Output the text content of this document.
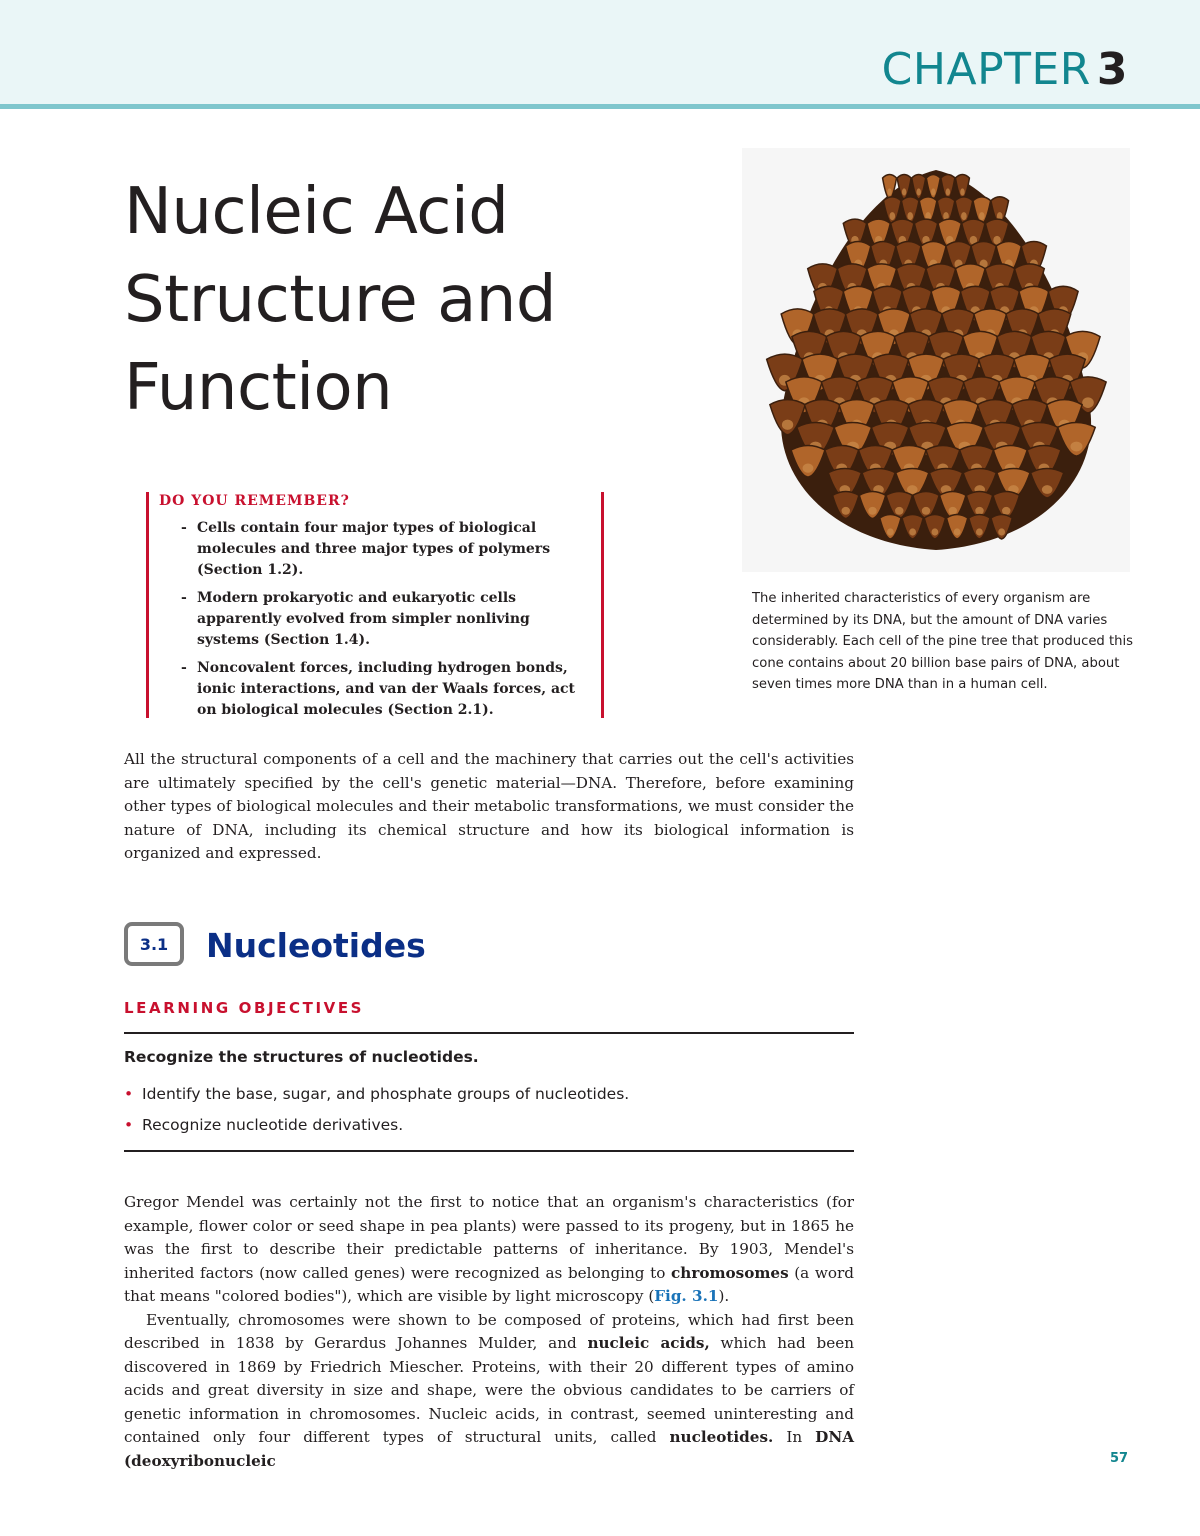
CHAPTER 3
Nucleic Acid
Structure and
Function
DO YOU REMEMBER?
- Cells contain four major types of biological molecules and three major types of polymers (Section 1.2).
- Modern prokaryotic and eukaryotic cells apparently evolved from simpler nonliving systems (Section 1.4).
- Noncovalent forces, including hydrogen bonds, ionic interactions, and van der Waals forces, act on biological molecules (Section 2.1).

The inherited characteristics of every organism are determined by its DNA, but the amount of DNA varies considerably. Each cell of the pine tree that produced this cone contains about 20 billion base pairs of DNA, about seven times more DNA than in a human cell.

All the structural components of a cell and the machinery that carries out the cell's activities are ultimately specified by the cell's genetic material—DNA. Therefore, before examining other types of biological molecules and their metabolic transformations, we must consider the nature of DNA, including its chemical structure and how its biological information is organized and expressed.

3.1	Nucleotides
LEARNING OBJECTIVES

Recognize the structures of nucleotides.

• Identify the base, sugar, and phosphate groups of nucleotides.
• Recognize nucleotide derivatives.

Gregor Mendel was certainly not the first to notice that an organism's characteristics (for example, flower color or seed shape in pea plants) were passed to its progeny, but in 1865 he was the first to describe their predictable patterns of inheritance. By 1903, Mendel's inherited factors (now called genes) were recognized as belonging to chromosomes (a word that means "colored bodies"), which are visible by light microscopy (Fig. 3.1).

Eventually, chromosomes were shown to be composed of proteins, which had first been described in 1838 by Gerardus Johannes Mulder, and nucleic acids, which had been discovered in 1869 by Friedrich Miescher. Proteins, with their 20 different types of amino acids and great diversity in size and shape, were the obvious candidates to be carriers of genetic information in chromosomes. Nucleic acids, in contrast, seemed uninteresting and contained only four different types of structural units, called nucleotides. In DNA (deoxyribonucleic	57
